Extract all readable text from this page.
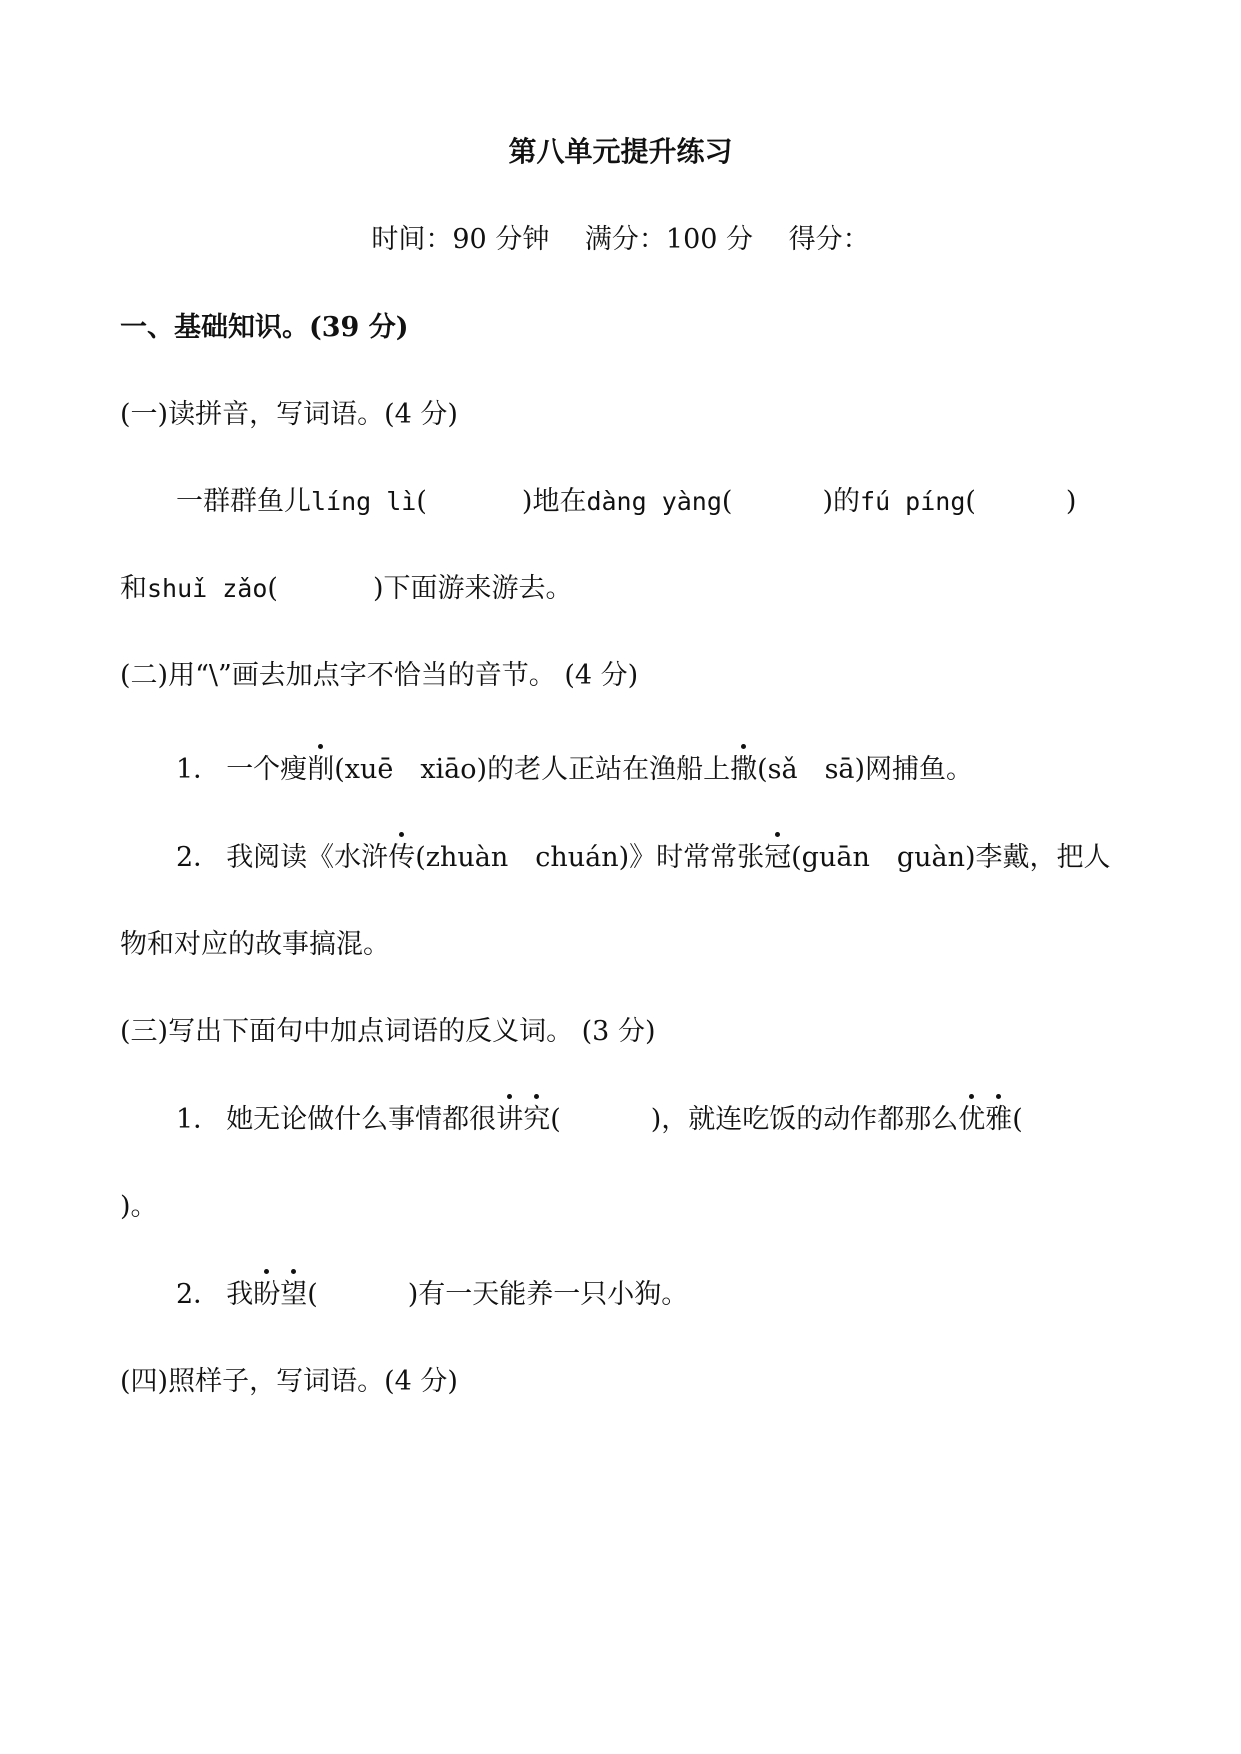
第八单元提升练习
时间：90 分钟　 满分：100 分　 得分：
一、基础知识。(39 分)
(一)读拼音，写词语。(4 分)
一群群鱼儿líng lì(	)地在dàng yàng(	)的fú píng(	)
和shuǐ zǎo(	)下面游来游去。
(二)用“\”画去加点字不恰当的音节。 (4 分)
1． 一个瘦削(xuē　xiāo)的老人正站在渔船上撒(sǎ　sā)网捕鱼。
2． 我阅读《水浒传(zhuàn　chuán)》时常常张冠(guān　guàn)李戴，把人
物和对应的故事搞混。
(三)写出下面句中加点词语的反义词。 (3 分)
1． 她无论做什么事情都很讲究(	)，就连吃饭的动作都那么优雅(
)。
2． 我盼望(	)有一天能养一只小狗。
(四)照样子，写词语。(4 分)
